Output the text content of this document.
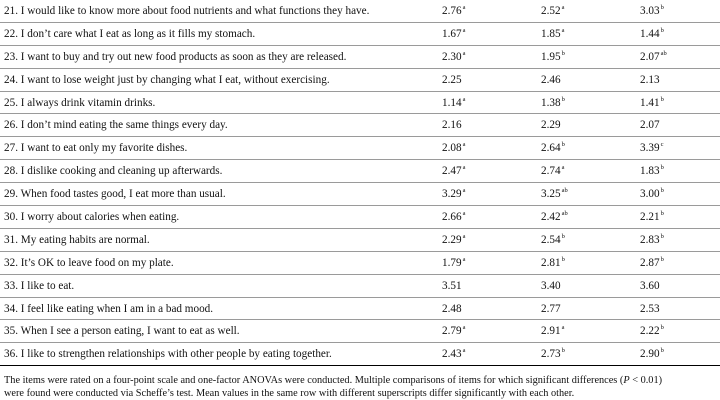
21. I would like to know more about food nutrients and what functions they have.	2.76$^a$	2.52$^a$	3.03$^b$
22. I don’t care what I eat as long as it fills my stomach.	1.67$^a$	1.85$^a$	1.44$^b$
23. I want to buy and try out new food products as soon as they are released.	2.30$^a$	1.95$^b$	2.07$^{ab}$
24. I want to lose weight just by changing what I eat, without exercising.	2.25	2.46	2.13
25. I always drink vitamin drinks.	1.14$^a$	1.38$^b$	1.41$^b$
26. I don’t mind eating the same things every day.	2.16	2.29	2.07
27. I want to eat only my favorite dishes.	2.08$^a$	2.64$^b$	3.39$^c$
28. I dislike cooking and cleaning up afterwards.	2.47$^a$	2.74$^a$	1.83$^b$
29. When food tastes good, I eat more than usual.	3.29$^a$	3.25$^{ab}$	3.00$^b$
30. I worry about calories when eating.	2.66$^a$	2.42$^{ab}$	2.21$^b$
31. My eating habits are normal.	2.29$^a$	2.54$^b$	2.83$^b$
32. It’s OK to leave food on my plate.	1.79$^a$	2.81$^b$	2.87$^b$
33. I like to eat.	3.51	3.40	3.60
34. I feel like eating when I am in a bad mood.	2.48	2.77	2.53
35. When I see a person eating, I want to eat as well.	2.79$^a$	2.91$^a$	2.22$^b$
36. I like to strengthen relationships with other people by eating together.	2.43$^a$	2.73$^b$	2.90$^b$
The items were rated on a four-point scale and one-factor ANOVAs were conducted. Multiple comparisons of items for which significant differences (P < 0.01)
were found were conducted via Scheffe’s test. Mean values in the same row with different superscripts differ significantly with each other.
